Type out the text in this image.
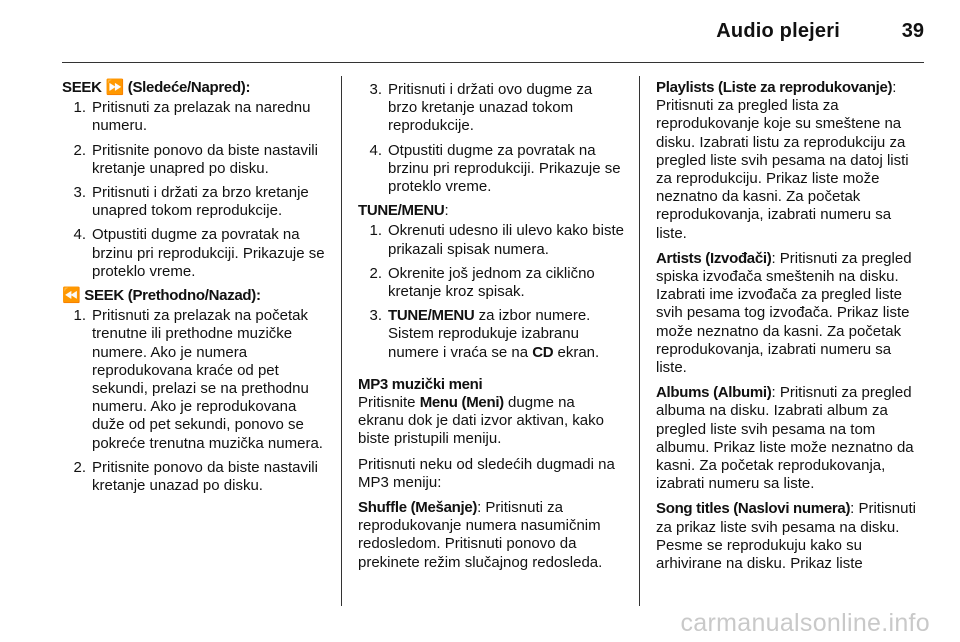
Audio plejeri	39
SEEK ⏩ (Sledeće/Napred):
1. Pritisnuti za prelazak na narednu numeru.
2. Pritisnite ponovo da biste nastavili kretanje unapred po disku.
3. Pritisnuti i držati za brzo kretanje unapred tokom reprodukcije.
4. Otpustiti dugme za povratak na brzinu pri reprodukciji. Prikazuje se proteklo vreme.
⏪ SEEK (Prethodno/Nazad):
1. Pritisnuti za prelazak na početak trenutne ili prethodne muzičke numere. Ako je numera reprodukovana kraće od pet sekundi, prelazi se na prethodnu numeru. Ako je reprodukovana duže od pet sekundi, ponovo se pokreće trenutna muzička numera.
2. Pritisnite ponovo da biste nastavili kretanje unazad po disku.
3. Pritisnuti i držati ovo dugme za brzo kretanje unazad tokom reprodukcije.
4. Otpustiti dugme za povratak na brzinu pri reprodukciji. Prikazuje se proteklo vreme.
TUNE/MENU:
1. Okrenuti udesno ili ulevo kako biste prikazali spisak numera.
2. Okrenite još jednom za ciklično kretanje kroz spisak.
3. TUNE/MENU za izbor numere. Sistem reprodukuje izabranu numere i vraća se na CD ekran.
MP3 muzički meni
Pritisnite Menu (Meni) dugme na ekranu dok je dati izvor aktivan, kako biste pristupili meniju.
Pritisnuti neku od sledećih dugmadi na MP3 meniju:
Shuffle (Mešanje): Pritisnuti za reprodukovanje numera nasumičnim redosledom. Pritisnuti ponovo da prekinete režim slučajnog redosleda.
Playlists (Liste za reprodukovanje): Pritisnuti za pregled lista za reprodukovanje koje su smeštene na disku. Izabrati listu za reprodukciju za pregled liste svih pesama na datoj listi za reprodukciju. Prikaz liste može neznatno da kasni. Za početak reprodukovanja, izabrati numeru sa liste.
Artists (Izvođači): Pritisnuti za pregled spiska izvođača smeštenih na disku. Izabrati ime izvođača za pregled liste svih pesama tog izvođača. Prikaz liste može neznatno da kasni. Za početak reprodukovanja, izabrati numeru sa liste.
Albums (Albumi): Pritisnuti za pregled albuma na disku. Izabrati album za pregled liste svih pesama na tom albumu. Prikaz liste može neznatno da kasni. Za početak reprodukovanja, izabrati numeru sa liste.
Song titles (Naslovi numera): Pritisnuti za prikaz liste svih pesama na disku. Pesme se reprodukuju kako su arhivirane na disku. Prikaz liste
carmanualsonline.info
